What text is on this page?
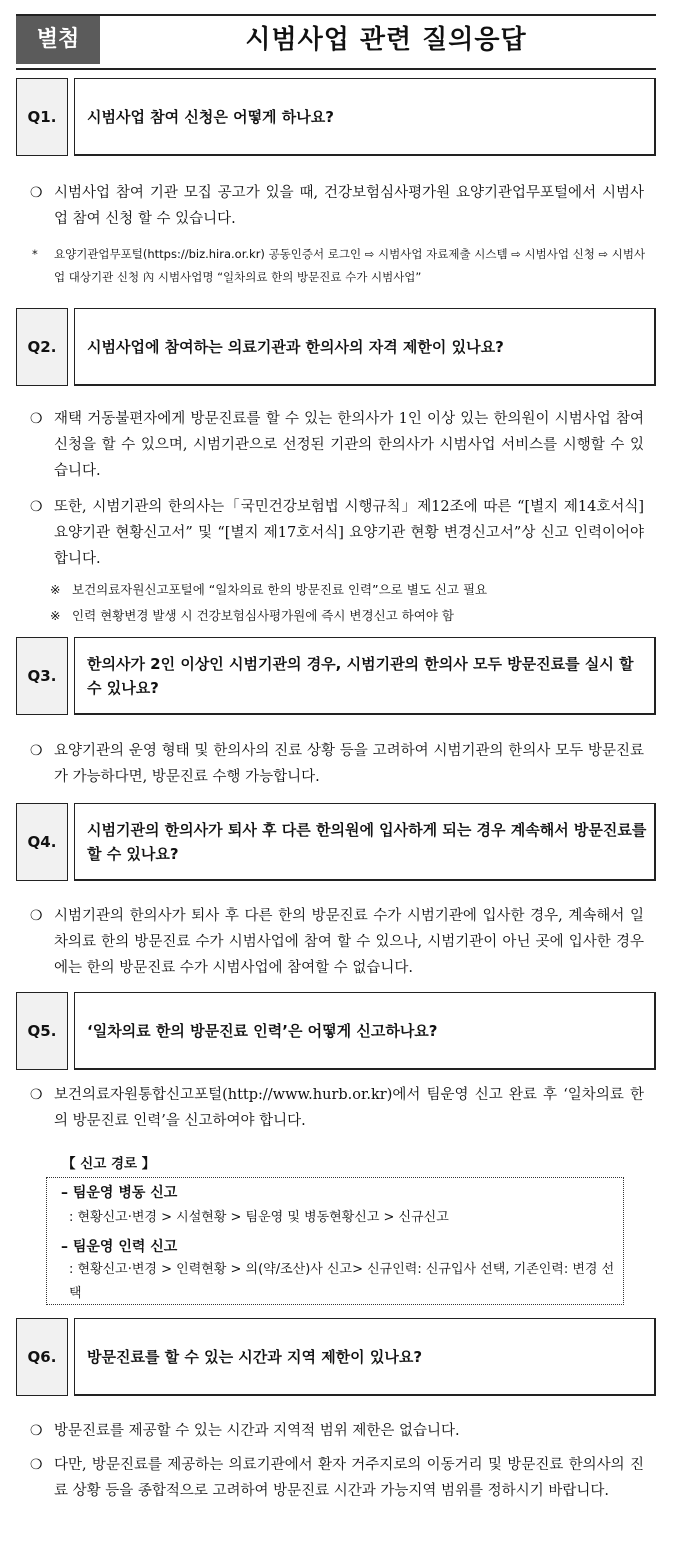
별첨	시범사업 관련 질의응답
Q1.	시범사업 참여 신청은 어떻게 하나요?
❍ 시범사업 참여 기관 모집 공고가 있을 때, 건강보험심사평가원 요양기관업무포털에서 시범사업 참여 신청 할 수 있습니다.
* 요양기관업무포털(https://biz.hira.or.kr) 공동인증서 로그인 ⇨ 시범사업 자료제출 시스템 ⇨ 시범사업 신청 ⇨ 시범사업 대상기관 신청 內 시범사업명 “일차의료 한의 방문진료 수가 시범사업”
Q2.	시범사업에 참여하는 의료기관과 한의사의 자격 제한이 있나요?
❍ 재택 거동불편자에게 방문진료를 할 수 있는 한의사가 1인 이상 있는 한의원이 시범사업 참여 신청을 할 수 있으며, 시범기관으로 선정된 기관의 한의사가 시범사업 서비스를 시행할 수 있습니다.
❍ 또한, 시범기관의 한의사는「국민건강보험법 시행규칙」제12조에 따른 “[별지 제14호서식] 요양기관 현황신고서” 및 “[별지 제17호서식] 요양기관 현황 변경신고서”상 신고 인력이어야 합니다.
※ 보건의료자원신고포털에 “일차의료 한의 방문진료 인력”으로 별도 신고 필요
※ 인력 현황변경 발생 시 건강보험심사평가원에 즉시 변경신고 하여야 함
Q3.
한의사가 2인 이상인 시범기관의 경우, 시범기관의 한의사 모두 방문진료를 실시 할 수 있나요?
❍ 요양기관의 운영 형태 및 한의사의 진료 상황 등을 고려하여 시범기관의 한의사 모두 방문진료가 가능하다면, 방문진료 수행 가능합니다.
Q4.
시범기관의 한의사가 퇴사 후 다른 한의원에 입사하게 되는 경우 계속해서 방문진료를 할 수 있나요?
❍ 시범기관의 한의사가 퇴사 후 다른 한의 방문진료 수가 시범기관에 입사한 경우, 계속해서 일차의료 한의 방문진료 수가 시범사업에 참여 할 수 있으나, 시범기관이 아닌 곳에 입사한 경우에는 한의 방문진료 수가 시범사업에 참여할 수 없습니다.
Q5.	‘일차의료 한의 방문진료 인력’은 어떻게 신고하나요?
❍ 보건의료자원통합신고포털(http://www.hurb.or.kr)에서 팀운영 신고 완료 후 ‘일차의료 한의 방문진료 인력’을 신고하여야 합니다.
【 신고 경로 】
– 팀운영 병동 신고
: 현황신고·변경 > 시설현황 > 팀운영 및 병동현황신고 > 신규신고
– 팀운영 인력 신고
: 현황신고·변경 > 인력현황 > 의(약/조산)사 신고> 신규인력: 신규입사 선택, 기존인력: 변경 선택
Q6.	방문진료를 할 수 있는 시간과 지역 제한이 있나요?
❍ 방문진료를 제공할 수 있는 시간과 지역적 범위 제한은 없습니다.
❍ 다만, 방문진료를 제공하는 의료기관에서 환자 거주지로의 이동거리 및 방문진료 한의사의 진료 상황 등을 종합적으로 고려하여 방문진료 시간과 가능지역 범위를 정하시기 바랍니다.
